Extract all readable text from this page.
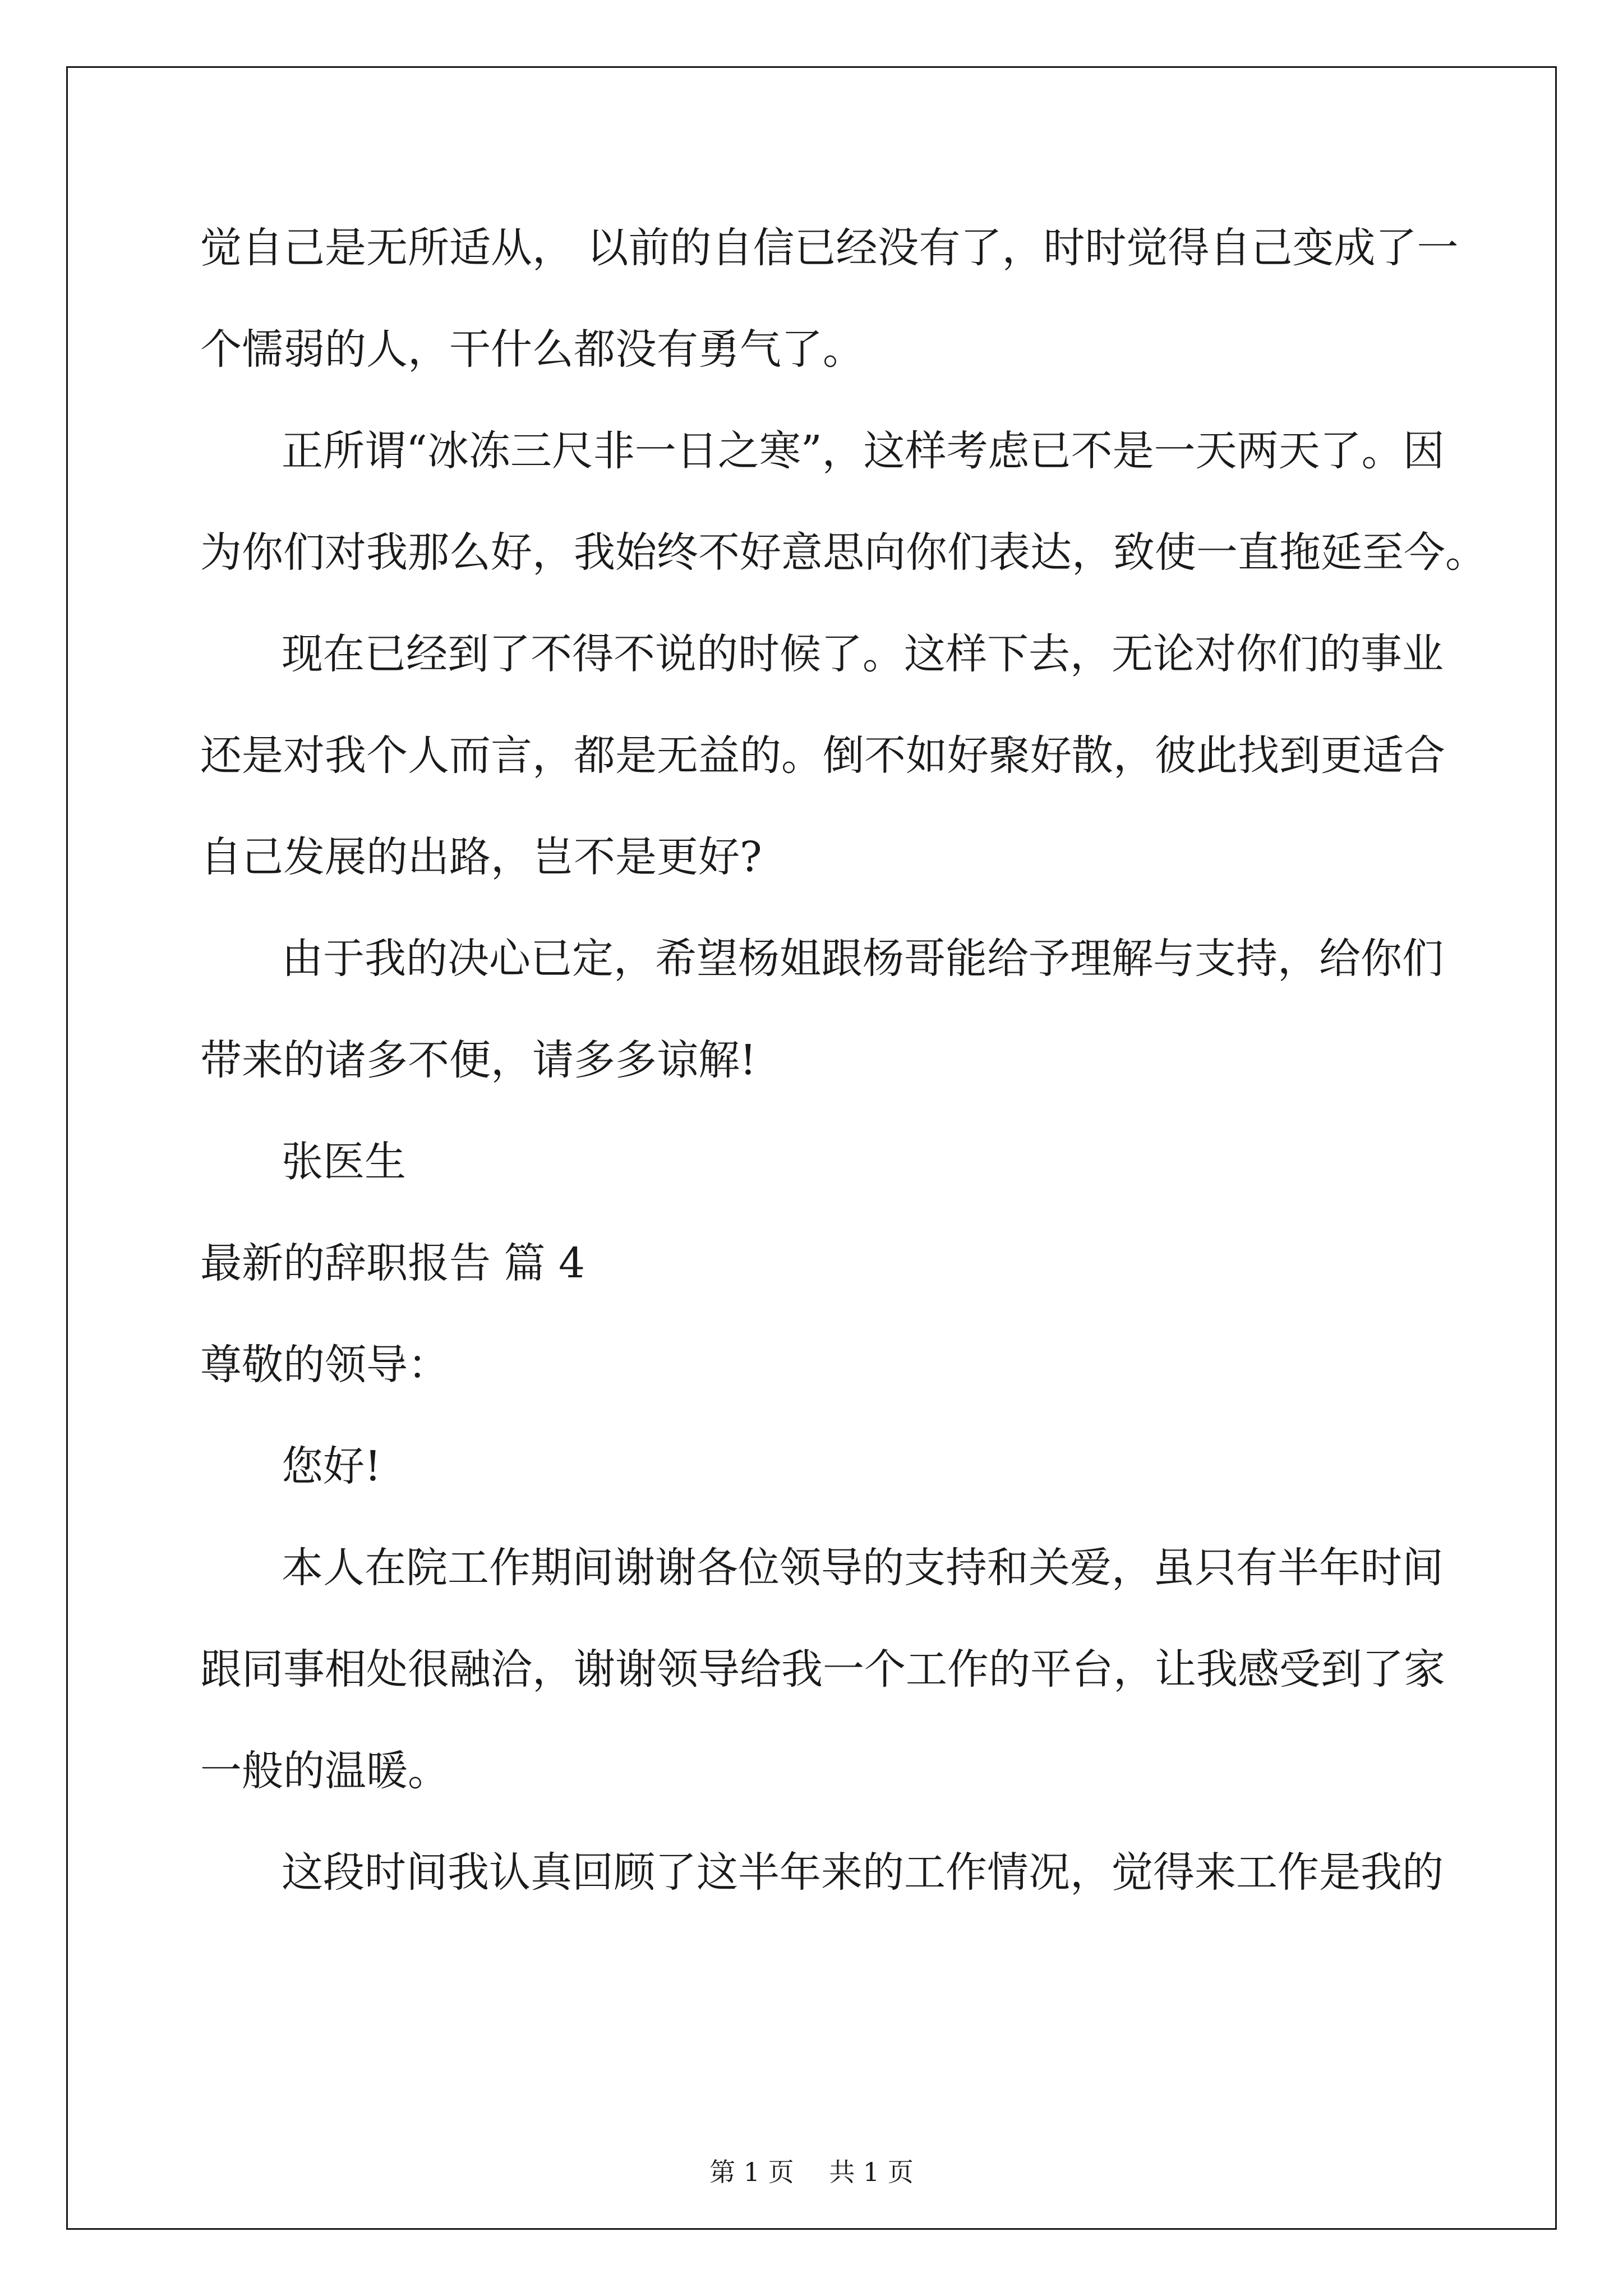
觉自己是无所适从， 以前的自信已经没有了，时时觉得自己变成了一
个懦弱的人，干什么都没有勇气了。
正所谓“冰冻三尺非一日之寒”，这样考虑已不是一天两天了。因
为你们对我那么好，我始终不好意思向你们表达，致使一直拖延至今。
现在已经到了不得不说的时候了。这样下去，无论对你们的事业
还是对我个人而言，都是无益的。倒不如好聚好散，彼此找到更适合
自己发展的出路，岂不是更好?
由于我的决心已定，希望杨姐跟杨哥能给予理解与支持，给你们
带来的诸多不便，请多多谅解!
张医生
最新的辞职报告 篇 4
尊敬的领导：
您好!
本人在院工作期间谢谢各位领导的支持和关爱，虽只有半年时间
跟同事相处很融洽，谢谢领导给我一个工作的平台，让我感受到了家
一般的温暖。
这段时间我认真回顾了这半年来的工作情况，觉得来工作是我的
第 1 页 共 1 页
